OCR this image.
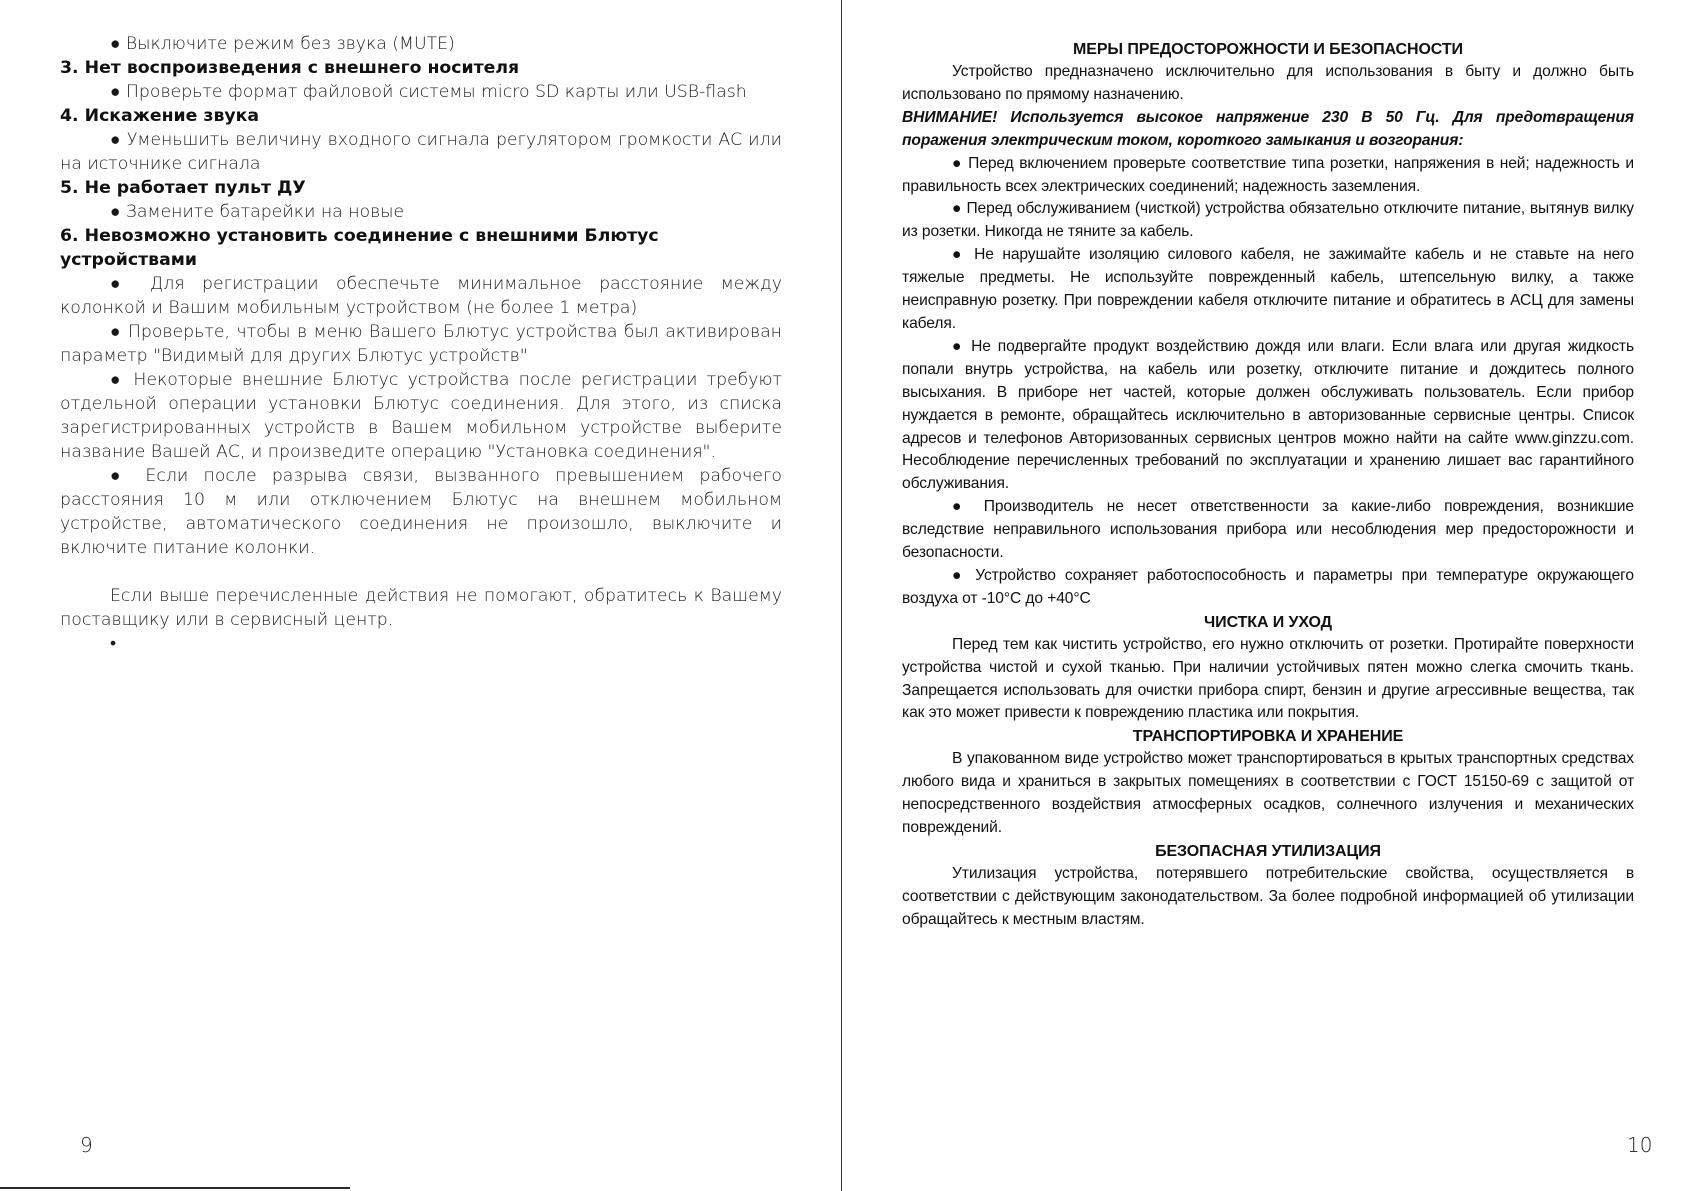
● Выключите режим без звука (MUTE)

3. Нет воспроизведения с внешнего носителя

● Проверьте формат файловой системы micro SD карты или USB-flash

4. Искажение звука

● Уменьшить величину входного сигнала регулятором громкости АС или на источнике сигнала

5. Не работает пульт ДУ

● Замените батарейки на новые

6. Невозможно установить соединение с внешними Блютус устройствами

● Для регистрации обеспечьте минимальное расстояние между колонкой и Вашим мобильным устройством (не более 1 метра)

● Проверьте, чтобы в меню Вашего Блютус устройства был активирован параметр "Видимый для других Блютус устройств"

● Некоторые внешние Блютус устройства после регистрации требуют отдельной операции установки Блютус соединения. Для этого, из списка зарегистрированных устройств в Вашем мобильном устройстве выберите название Вашей АС, и произведите операцию "Установка соединения".

● Если после разрыва связи, вызванного превышением рабочего расстояния 10 м или отключением Блютус на внешнем мобильном устройстве, автоматического соединения не произошло, выключите и включите питание колонки.

Если выше перечисленные действия не помогают, обратитесь к Вашему поставщику или в сервисный центр.

•

9
МЕРЫ ПРЕДОСТОРОЖНОСТИ И БЕЗОПАСНОСТИ

Устройство предназначено исключительно для использования в быту и должно быть использовано по прямому назначению.

ВНИМАНИЕ! Используется высокое напряжение 230 В 50 Гц. Для предотвращения поражения электрическим током, короткого замыкания и возгорания:

● Перед включением проверьте соответствие типа розетки, напряжения в ней; надежность и правильность всех электрических соединений; надежность заземления.

● Перед обслуживанием (чисткой) устройства обязательно отключите питание, вытянув вилку из розетки. Никогда не тяните за кабель.

● Не нарушайте изоляцию силового кабеля, не зажимайте кабель и не ставьте на него тяжелые предметы. Не используйте поврежденный кабель, штепсельную вилку, а также неисправную розетку. При повреждении кабеля отключите питание и обратитесь в АСЦ для замены кабеля.

● Не подвергайте продукт воздействию дождя или влаги. Если влага или другая жидкость попали внутрь устройства, на кабель или розетку, отключите питание и дождитесь полного высыхания. В приборе нет частей, которые должен обслуживать пользователь. Если прибор нуждается в ремонте, обращайтесь исключительно в авторизованные сервисные центры. Список адресов и телефонов Авторизованных сервисных центров можно найти на сайте www.ginzzu.com. Несоблюдение перечисленных требований по эксплуатации и хранению лишает вас гарантийного обслуживания.

● Производитель не несет ответственности за какие-либо повреждения, возникшие вследствие неправильного использования прибора или несоблюдения мер предосторожности и безопасности.

● Устройство сохраняет работоспособность и параметры при температуре окружающего воздуха от -10°C до +40°C

ЧИСТКА И УХОД

Перед тем как чистить устройство, его нужно отключить от розетки. Протирайте поверхности устройства чистой и сухой тканью. При наличии устойчивых пятен можно слегка смочить ткань. Запрещается использовать для очистки прибора спирт, бензин и другие агрессивные вещества, так как это может привести к повреждению пластика или покрытия.

ТРАНСПОРТИРОВКА И ХРАНЕНИЕ

В упакованном виде устройство может транспортироваться в крытых транспортных средствах любого вида и храниться в закрытых помещениях в соответствии с ГОСТ 15150-69 с защитой от непосредственного воздействия атмосферных осадков, солнечного излучения и механических повреждений.

БЕЗОПАСНАЯ УТИЛИЗАЦИЯ

Утилизация устройства, потерявшего потребительские свойства, осуществляется в соответствии с действующим законодательством. За более подробной информацией об утилизации обращайтесь к местным властям.

10
